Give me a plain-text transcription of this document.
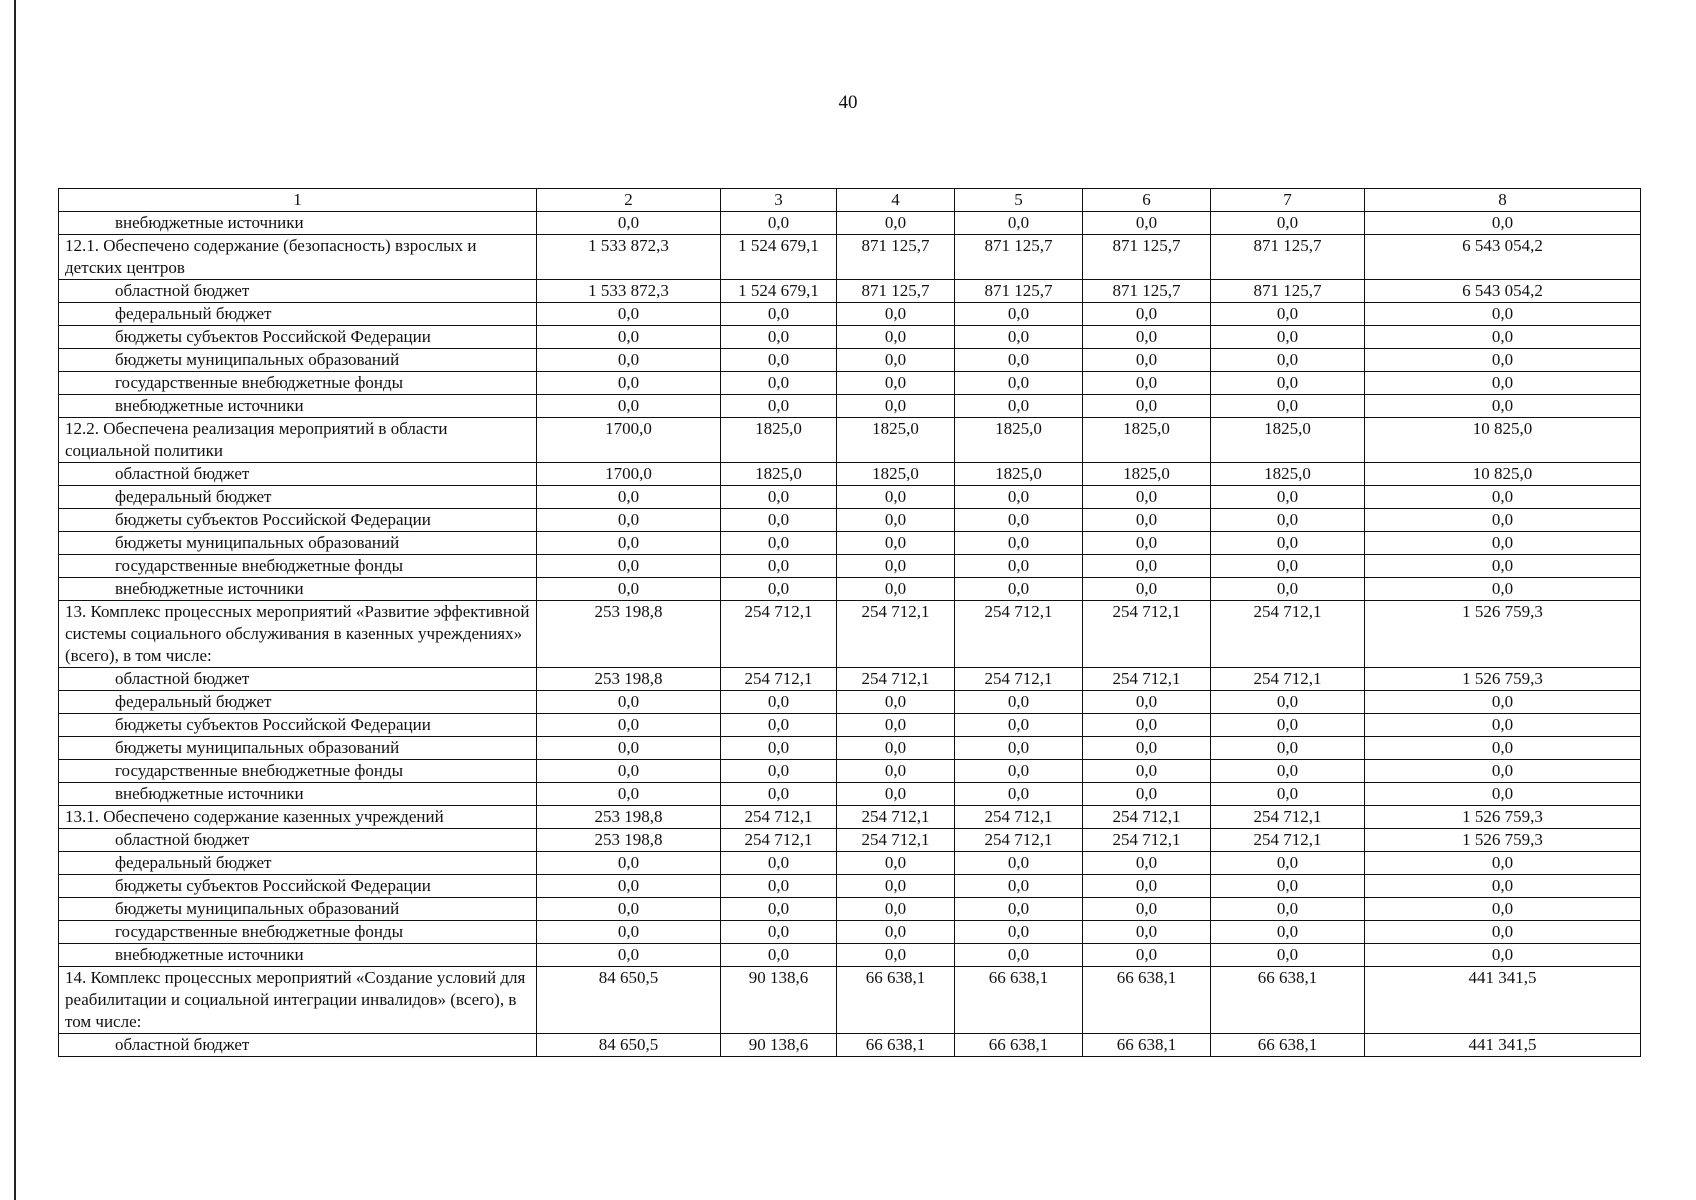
40
1	2	3	4	5	6	7	8
внебюджетные источники	0,0	0,0	0,0	0,0	0,0	0,0	0,0
12.1. Обеспечено содержание (безопасность) взрослых и детских центров	1 533 872,3	1 524 679,1	871 125,7	871 125,7	871 125,7	871 125,7	6 543 054,2
областной бюджет	1 533 872,3	1 524 679,1	871 125,7	871 125,7	871 125,7	871 125,7	6 543 054,2
федеральный бюджет	0,0	0,0	0,0	0,0	0,0	0,0	0,0
бюджеты субъектов Российской Федерации	0,0	0,0	0,0	0,0	0,0	0,0	0,0
бюджеты муниципальных образований	0,0	0,0	0,0	0,0	0,0	0,0	0,0
государственные внебюджетные фонды	0,0	0,0	0,0	0,0	0,0	0,0	0,0
внебюджетные источники	0,0	0,0	0,0	0,0	0,0	0,0	0,0
12.2. Обеспечена реализация мероприятий в области социальной политики	1700,0	1825,0	1825,0	1825,0	1825,0	1825,0	10 825,0
областной бюджет	1700,0	1825,0	1825,0	1825,0	1825,0	1825,0	10 825,0
федеральный бюджет	0,0	0,0	0,0	0,0	0,0	0,0	0,0
бюджеты субъектов Российской Федерации	0,0	0,0	0,0	0,0	0,0	0,0	0,0
бюджеты муниципальных образований	0,0	0,0	0,0	0,0	0,0	0,0	0,0
государственные внебюджетные фонды	0,0	0,0	0,0	0,0	0,0	0,0	0,0
внебюджетные источники	0,0	0,0	0,0	0,0	0,0	0,0	0,0
13. Комплекс процессных мероприятий «Развитие эффективной системы социального обслуживания в казенных учреждениях» (всего), в том числе:	253 198,8	254 712,1	254 712,1	254 712,1	254 712,1	254 712,1	1 526 759,3
областной бюджет	253 198,8	254 712,1	254 712,1	254 712,1	254 712,1	254 712,1	1 526 759,3
федеральный бюджет	0,0	0,0	0,0	0,0	0,0	0,0	0,0
бюджеты субъектов Российской Федерации	0,0	0,0	0,0	0,0	0,0	0,0	0,0
бюджеты муниципальных образований	0,0	0,0	0,0	0,0	0,0	0,0	0,0
государственные внебюджетные фонды	0,0	0,0	0,0	0,0	0,0	0,0	0,0
внебюджетные источники	0,0	0,0	0,0	0,0	0,0	0,0	0,0
13.1. Обеспечено содержание казенных учреждений	253 198,8	254 712,1	254 712,1	254 712,1	254 712,1	254 712,1	1 526 759,3
областной бюджет	253 198,8	254 712,1	254 712,1	254 712,1	254 712,1	254 712,1	1 526 759,3
федеральный бюджет	0,0	0,0	0,0	0,0	0,0	0,0	0,0
бюджеты субъектов Российской Федерации	0,0	0,0	0,0	0,0	0,0	0,0	0,0
бюджеты муниципальных образований	0,0	0,0	0,0	0,0	0,0	0,0	0,0
государственные внебюджетные фонды	0,0	0,0	0,0	0,0	0,0	0,0	0,0
внебюджетные источники	0,0	0,0	0,0	0,0	0,0	0,0	0,0
14. Комплекс процессных мероприятий «Создание условий для реабилитации и социальной интеграции инвалидов» (всего), в том числе:	84 650,5	90 138,6	66 638,1	66 638,1	66 638,1	66 638,1	441 341,5
областной бюджет	84 650,5	90 138,6	66 638,1	66 638,1	66 638,1	66 638,1	441 341,5
